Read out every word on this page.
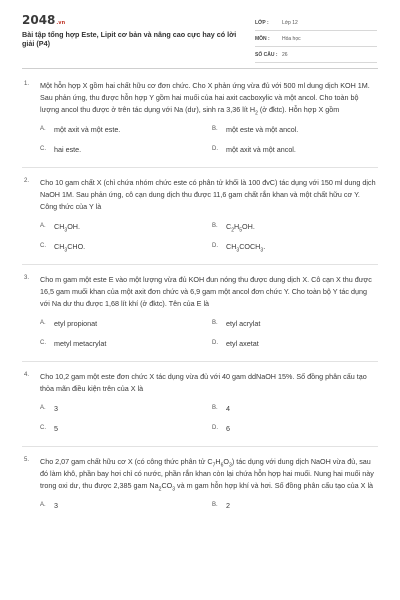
2048.vn
Bài tập tổng hợp Este, Lipit cơ bản và nâng cao cực hay có lời giải (P4)
LỚP :	Lớp 12
MÔN :	Hóa học
SỐ CÂU : 26
1. Một hỗn hợp X gồm hai chất hữu cơ đơn chức. Cho X phản ứng vừa đủ với 500 ml dung dịch KOH 1M. Sau phản ứng, thu được hỗn hợp Y gồm hai muối của hai axit cacboxylic và một ancol. Cho toàn bộ lượng ancol thu được ở trên tác dụng với Na (dư), sinh ra 3,36 lít $H_2$ (ở đktc). Hỗn hợp X gồm
A.	một axit và một este.	B.	một este và một ancol.
C.	hai este.	D.	một axit và một ancol.
2. Cho 10 gam chất X (chỉ chứa nhóm chức este có phân tử khối là 100 đvC) tác dụng với 150 ml dung dịch NaOH 1M. Sau phản ứng, cô cạn dung dịch thu được 11,6 gam chất rắn khan và một chất hữu cơ Y. Công thức của Y là
A.	$CH_3OH$.	B.	$C_2H_5OH$.
C.	$CH_3CHO$.	D.	$CH_3COCH_3$.
3. Cho m gam một este E vào một lượng vừa đủ KOH đun nóng thu được dung dịch X. Cô cạn X thu được 16,5 gam muối khan của một axit đơn chức và 6,9 gam một ancol đơn chức Y. Cho toàn bộ Y tác dụng với Na dư thu được 1,68 lít khí (ở đktc). Tên của E là
A.	etyl propionat	B.	etyl acrylat
C.	metyl metacrylat	D.	etyl axetat
4. Cho 10,2 gam một este đơn chức X tác dụng vừa đủ với 40 gam ddNaOH 15%. Số đồng phân cấu tạo thỏa mãn điều kiện trên của X là
A.	3	B.	4
C.	5	D.	6
5. Cho 2,07 gam chất hữu cơ X (có công thức phân tử $C_7H_6O_3$) tác dụng với dung dịch NaOH vừa đủ, sau đó làm khô, phần bay hơi chỉ có nước, phần rắn khan còn lại chứa hỗn hợp hai muối. Nung hai muối này trong oxi dư, thu được 2,385 gam $Na_2CO_3$ và m gam hỗn hợp khí và hơi. Số đồng phân cấu tạo của X là
A.	3	B.	2
